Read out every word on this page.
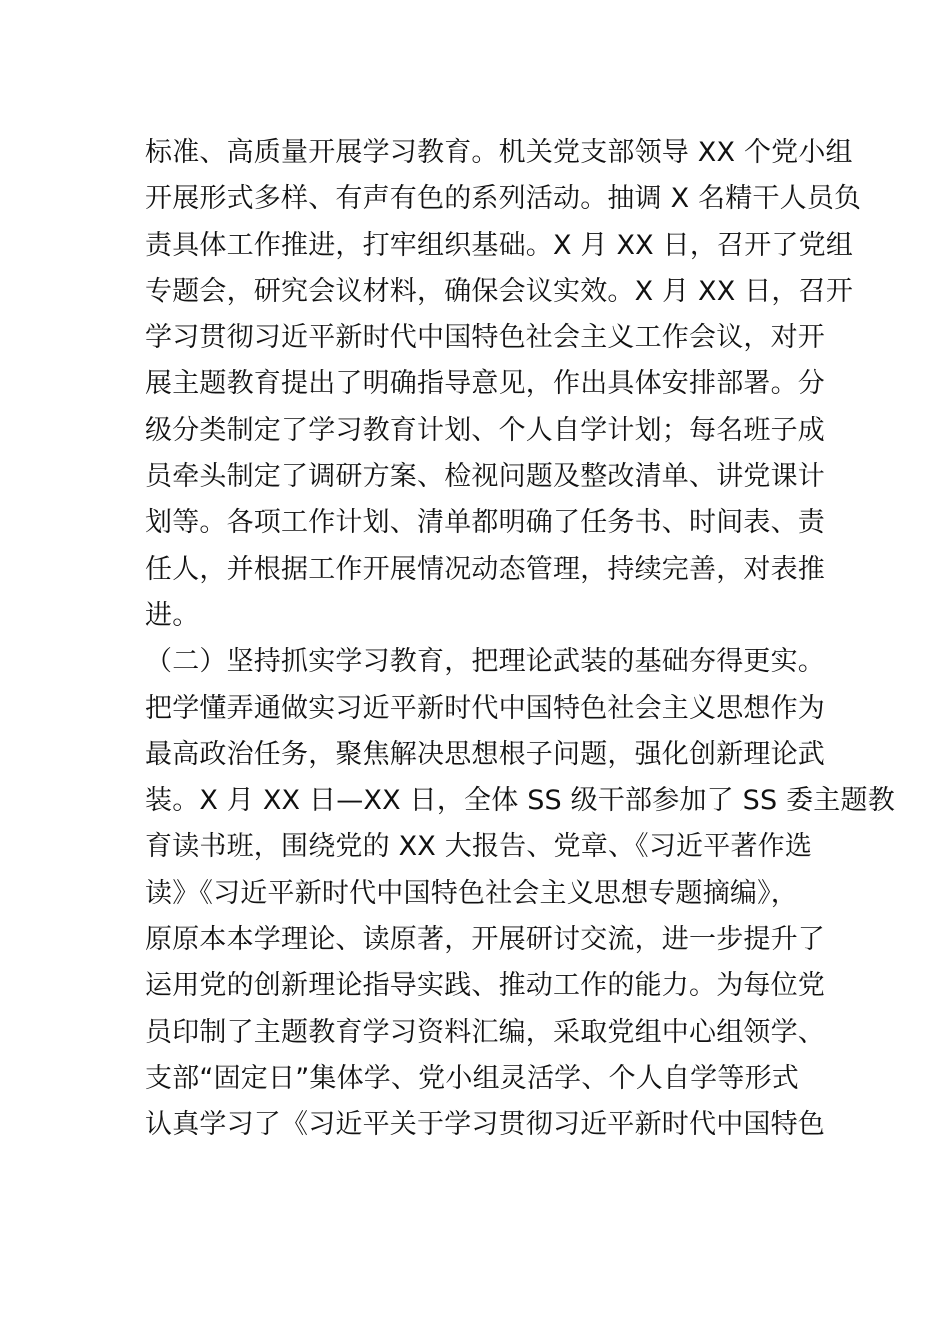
标准、高质量开展学习教育。机关党支部领导 XX 个党小组
开展形式多样、有声有色的系列活动。抽调 X 名精干人员负
责具体工作推进，打牢组织基础。X 月 XX 日，召开了党组
专题会，研究会议材料，确保会议实效。X 月 XX 日，召开
学习贯彻习近平新时代中国特色社会主义工作会议，对开
展主题教育提出了明确指导意见，作出具体安排部署。分
级分类制定了学习教育计划、个人自学计划；每名班子成
员牵头制定了调研方案、检视问题及整改清单、讲党课计
划等。各项工作计划、清单都明确了任务书、时间表、责
任人，并根据工作开展情况动态管理，持续完善，对表推
进。
（二）坚持抓实学习教育，把理论武装的基础夯得更实。
把学懂弄通做实习近平新时代中国特色社会主义思想作为
最高政治任务，聚焦解决思想根子问题，强化创新理论武
装。X 月 XX 日—XX 日，全体 SS 级干部参加了 SS 委主题教
育读书班，围绕党的 XX 大报告、党章、《习近平著作选
读》《习近平新时代中国特色社会主义思想专题摘编》，
原原本本学理论、读原著，开展研讨交流，进一步提升了
运用党的创新理论指导实践、推动工作的能力。为每位党
员印制了主题教育学习资料汇编，采取党组中心组领学、
支部“固定日”集体学、党小组灵活学、个人自学等形式
认真学习了《习近平关于学习贯彻习近平新时代中国特色
